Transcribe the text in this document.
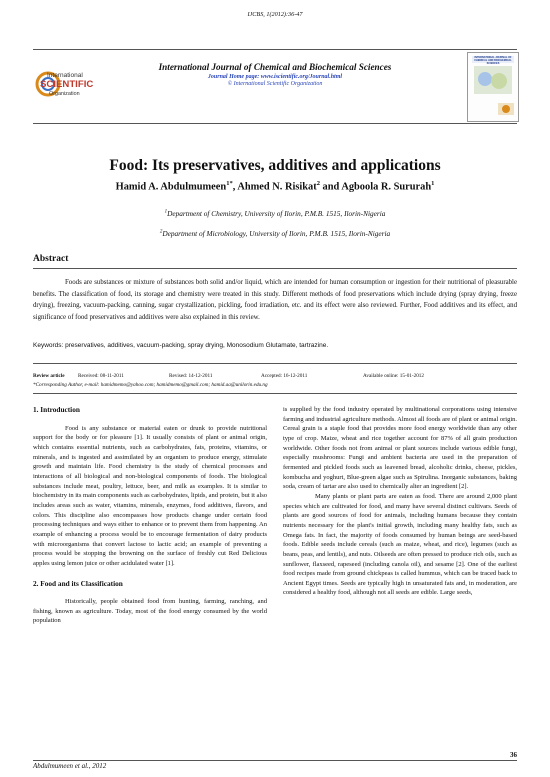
IJCBS, 1(2012):36-47
International
SCIENTIFIC
Organization
International Journal of Chemical and Biochemical Sciences
Journal Home page: www.iscientific.org/Journal.html
© International Scientific Organization
INTERNATIONAL JOURNAL OF CHEMICAL AND BIOCHEMICAL SCIENCES
Food: Its preservatives, additives and applications
Hamid A. Abdulmumeen$^{1*}$, Ahmed N. Risikat$^2$ and Agboola R. Sururah$^1$
$^1$Department of Chemistry, University of Ilorin, P.M.B. 1515, Ilorin-Nigeria
$^2$Department of Microbiology, University of Ilorin, P.M.B. 1515, Ilorin-Nigeria
Abstract
Foods are substances or mixture of substances both solid and/or liquid, which are intended for human consumption or ingestion for their nutritional of pleasurable benefits. The classification of food, its storage and chemistry were treated in this study. Different methods of food preservations which include drying (spray drying, freeze drying), freezing, vacuum-packing, canning, sugar crystallization, pickling, food irradiation, etc. and its effect were also reviewed. Further, Food additives and its effect, and significance of food preservatives and additives were also explained in this review.
Keywords: preservatives, additives, vacuum-packing, spray drying, Monosodium Glutamate, tartrazine.
Review article	Received: 08-11-2011	Revised: 14-12-2011	Accepted: 16-12-2011	Available online: 15-01-2012
*Corresponding Author, e-mail: hamidmemo@yahoo.com; hamidmemo@gmail.com; hamid.aa@unilorin.edu.ng

1. Introduction

Food is any substance or material eaten or drunk to provide nutritional support for the body or for pleasure [1]. It usually consists of plant or animal origin, which contains essential nutrients, such as carbohydrates, fats, proteins, vitamins, or minerals, and is ingested and assimilated by an organism to produce energy, stimulate growth and maintain life. Food chemistry is the study of chemical processes and interactions of all biological and non-biological components of foods. The biological substances include meat, poultry, lettuce, beer, and milk as examples. It is similar to biochemistry in its main components such as carbohydrates, lipids, and protein, but it also includes areas such as water, vitamins, minerals, enzymes, food additives, flavors, and colors. This discipline also encompasses how products change under certain food processing techniques and ways either to enhance or to prevent them from happening. An example of enhancing a process would be to encourage fermentation of dairy products with microorganisms that convert lactose to lactic acid; an example of preventing a process would be stopping the browning on the surface of freshly cut Red Delicious apples using lemon juice or other acidulated water [1].

2. Food and its Classification

Historically, people obtained food from hunting, farming, ranching, and fishing, known as agriculture. Today, most of the food energy consumed by the world population

is supplied by the food industry operated by multinational corporations using intensive farming and industrial agriculture methods. Almost all foods are of plant or animal origin. Cereal grain is a staple food that provides more food energy worldwide than any other type of crop. Maize, wheat and rice together account for 87% of all grain production worldwide. Other foods not from animal or plant sources include various edible fungi, especially mushrooms: Fungi and ambient bacteria are used in the preparation of fermented and pickled foods such as leavened bread, alcoholic drinks, cheese, pickles, kombucha and yoghurt, Blue-green algae such as Spirulina. Inorganic substances, baking soda, cream of tartar are also used to chemically alter an ingredient [2].

Many plants or plant parts are eaten as food. There are around 2,000 plant species which are cultivated for food, and many have several distinct cultivars. Seeds of plants are good sources of food for animals, including humans because they contain nutrients necessary for the plant's initial growth, including many healthy fats, such as Omega fats. In fact, the majority of foods consumed by human beings are seed-based foods. Edible seeds include cereals (such as maize, wheat, and rice), legumes (such as beans, peas, and lentils), and nuts. Oilseeds are often pressed to produce rich oils, such as sunflower, flaxseed, rapeseed (including canola oil), and sesame [2]. One of the earliest food recipes made from ground chickpeas is called hummus, which can be traced back to Ancient Egypt times. Seeds are typically high in unsaturated fats and, in moderation, are considered a healthy food, although not all seeds are edible. Large seeds,

36
Abdulmumeen et al., 2012
